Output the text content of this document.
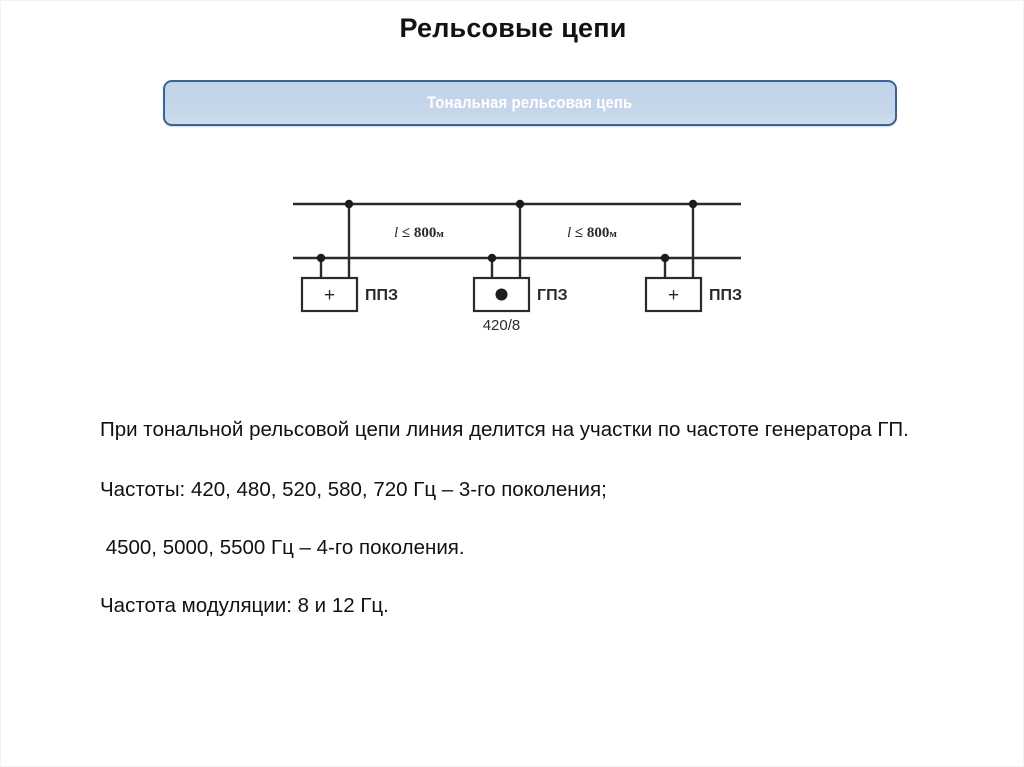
Рельсовые цепи
Тональная рельсовая цепь
+ ППЗ	ГПЗ
420/8
+ ППЗ
l ≤ 800м	l ≤ 800м

При тональной рельсовой цепи линия делится на участки по частоте генератора ГП.

Частоты: 420, 480, 520, 580, 720 Гц – 3-го поколения;

4500, 5000, 5500 Гц – 4-го поколения.

Частота модуляции: 8 и 12 Гц.
